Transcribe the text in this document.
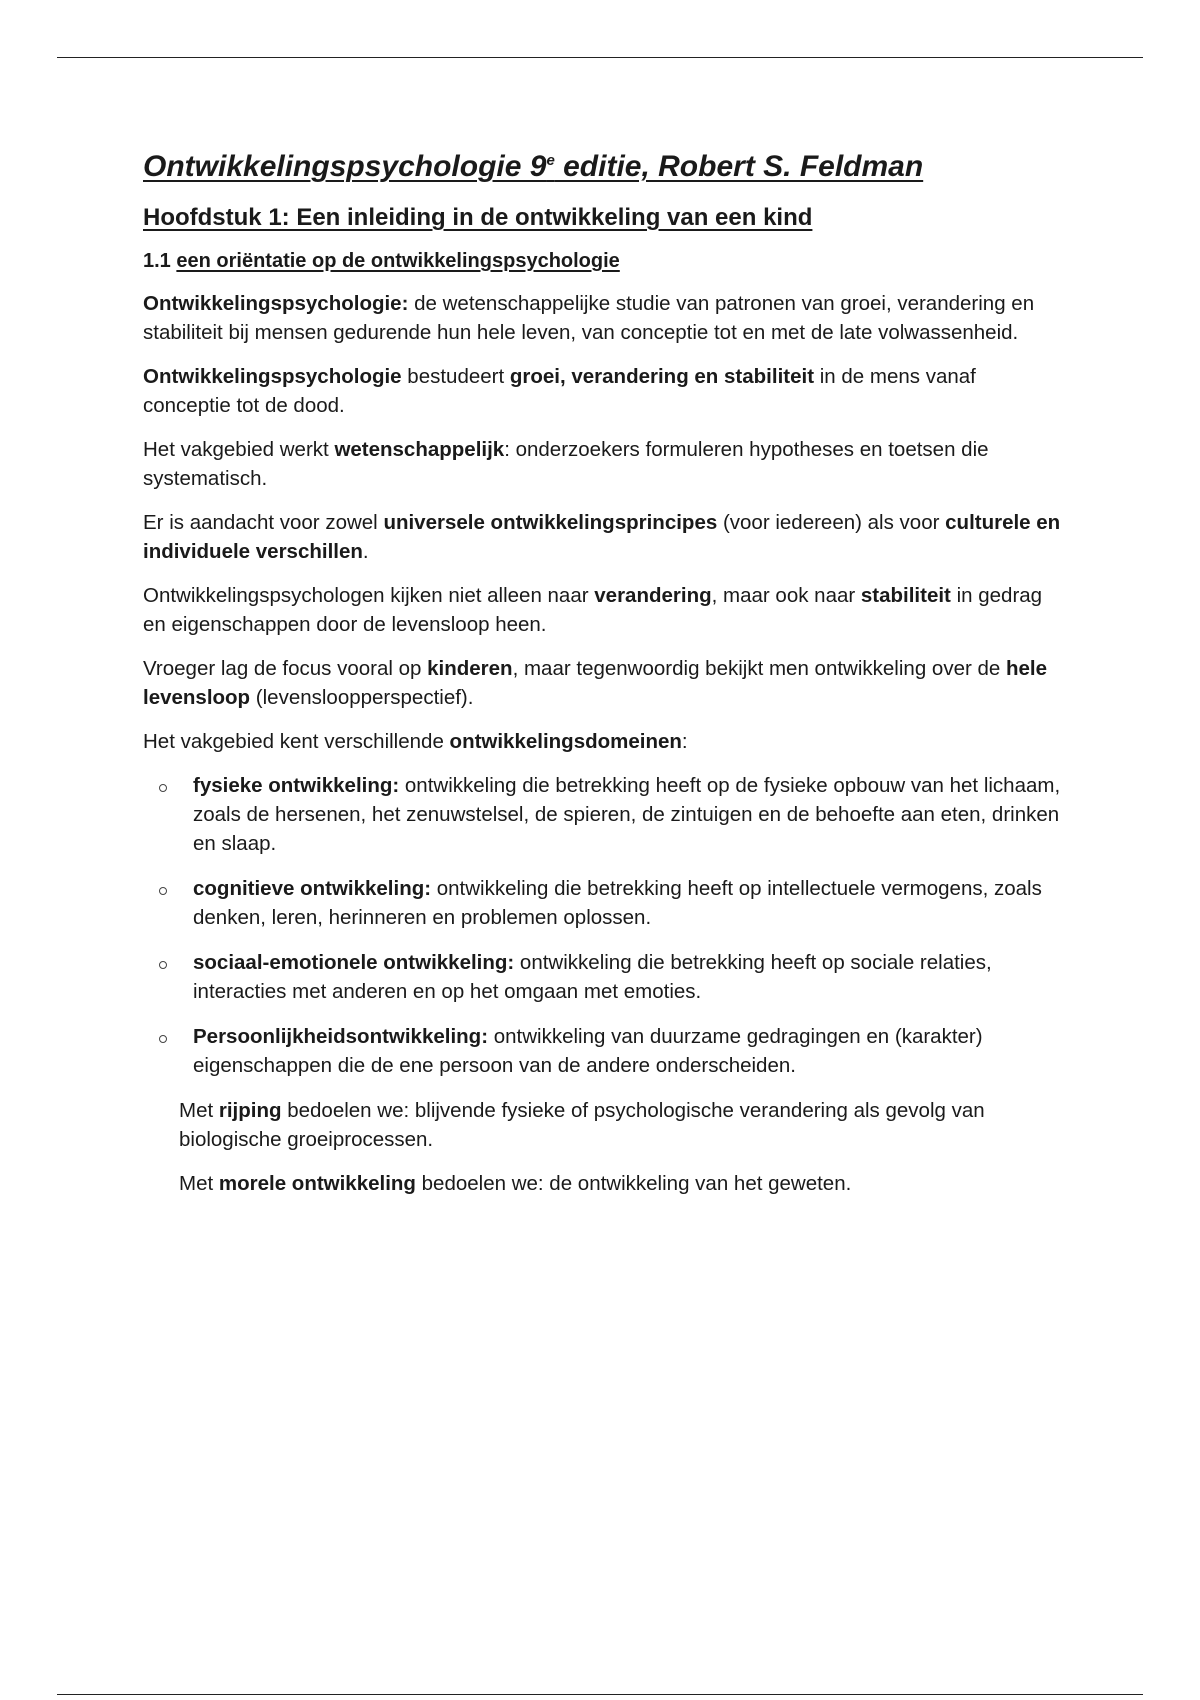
Ontwikkelingspsychologie 9e editie, Robert S. Feldman
Hoofdstuk 1: Een inleiding in de ontwikkeling van een kind
1.1 een oriëntatie op de ontwikkelingspsychologie

Ontwikkelingspsychologie: de wetenschappelijke studie van patronen van groei, verandering en stabiliteit bij mensen gedurende hun hele leven, van conceptie tot en met de late volwassenheid.

Ontwikkelingspsychologie bestudeert groei, verandering en stabiliteit in de mens vanaf conceptie tot de dood.

Het vakgebied werkt wetenschappelijk: onderzoekers formuleren hypotheses en toetsen die systematisch.

Er is aandacht voor zowel universele ontwikkelingsprincipes (voor iedereen) als voor culturele en individuele verschillen.

Ontwikkelingspsychologen kijken niet alleen naar verandering, maar ook naar stabiliteit in gedrag en eigenschappen door de levensloop heen.

Vroeger lag de focus vooral op kinderen, maar tegenwoordig bekijkt men ontwikkeling over de hele levensloop (levensloopperspectief).

Het vakgebied kent verschillende ontwikkelingsdomeinen:

fysieke ontwikkeling: ontwikkeling die betrekking heeft op de fysieke opbouw van het lichaam, zoals de hersenen, het zenuwstelsel, de spieren, de zintuigen en de behoefte aan eten, drinken en slaap.
cognitieve ontwikkeling: ontwikkeling die betrekking heeft op intellectuele vermogens, zoals denken, leren, herinneren en problemen oplossen.
sociaal-emotionele ontwikkeling: ontwikkeling die betrekking heeft op sociale relaties, interacties met anderen en op het omgaan met emoties.
Persoonlijkheidsontwikkeling: ontwikkeling van duurzame gedragingen en (karakter) eigenschappen die de ene persoon van de andere onderscheiden.

Met rijping bedoelen we: blijvende fysieke of psychologische verandering als gevolg van biologische groeiprocessen.

Met morele ontwikkeling bedoelen we: de ontwikkeling van het geweten.
